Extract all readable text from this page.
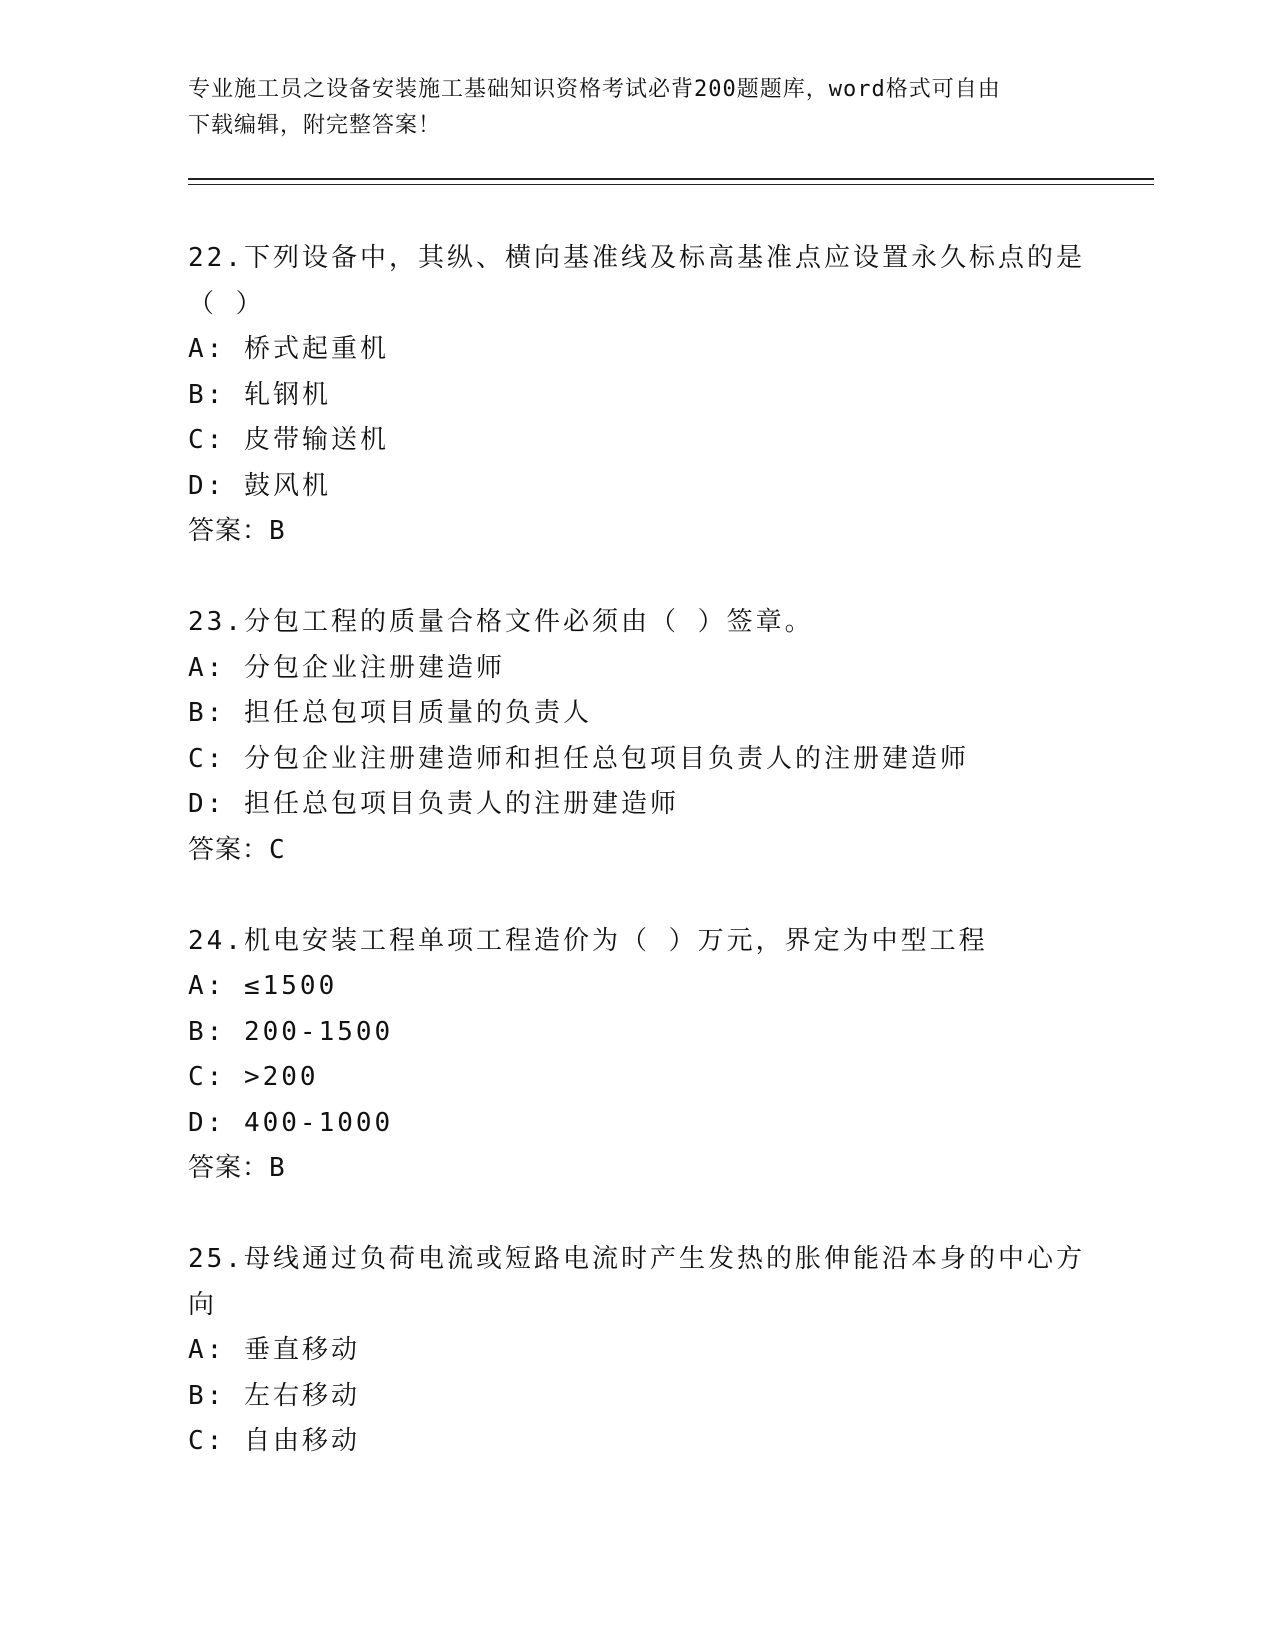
专业施工员之设备安装施工基础知识资格考试必背200题题库，word格式可自由
下载编辑，附完整答案！
22.下列设备中，其纵、横向基准线及标高基准点应设置永久标点的是
（ ）
A: 桥式起重机
B: 轧钢机
C: 皮带输送机
D: 鼓风机
答案：B
23.分包工程的质量合格文件必须由（ ）签章。
A: 分包企业注册建造师
B: 担任总包项目质量的负责人
C: 分包企业注册建造师和担任总包项目负责人的注册建造师
D: 担任总包项目负责人的注册建造师
答案：C
24.机电安装工程单项工程造价为（ ）万元，界定为中型工程
A: ≤1500
B: 200-1500
C: >200
D: 400-1000
答案：B
25.母线通过负荷电流或短路电流时产生发热的胀伸能沿本身的中心方
向
A: 垂直移动
B: 左右移动
C: 自由移动
